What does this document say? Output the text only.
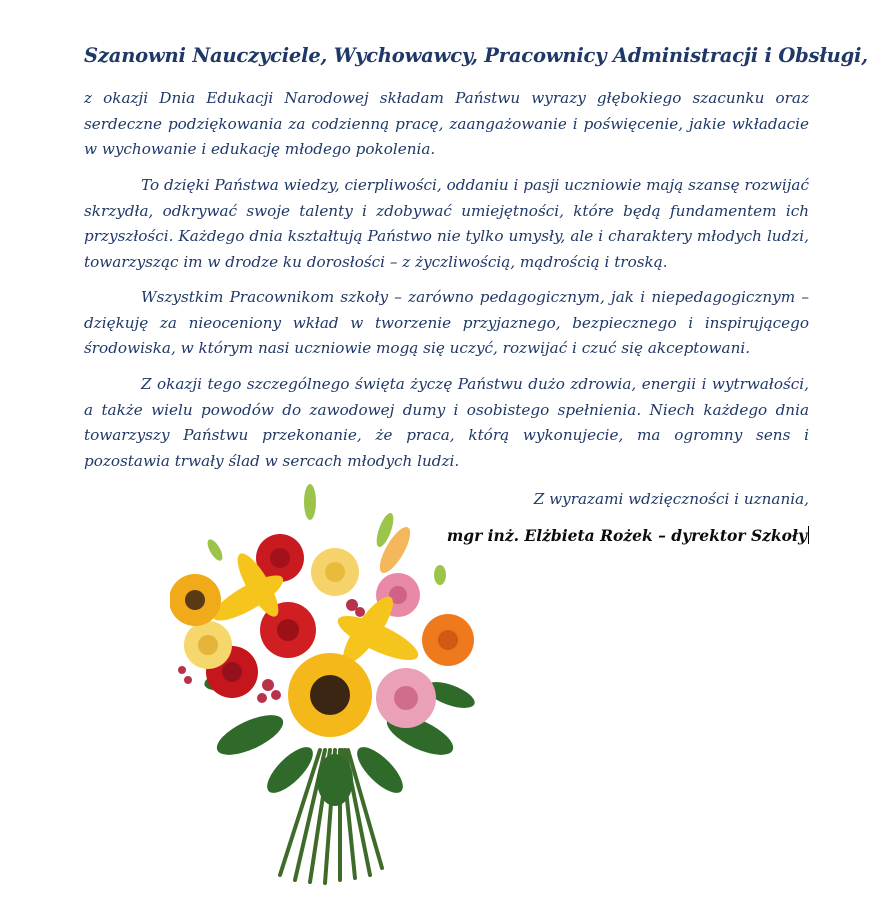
Szanowni Nauczyciele, Wychowawcy, Pracownicy Administracji i Obsługi,

z okazji Dnia Edukacji Narodowej składam Państwu wyrazy głębokiego szacunku oraz serdeczne podziękowania za codzienną pracę, zaangażowanie i poświęcenie, jakie wkładacie w wychowanie i edukację młodego pokolenia.

To dzięki Państwa wiedzy, cierpliwości, oddaniu i pasji uczniowie mają szansę rozwijać skrzydła, odkrywać swoje talenty i zdobywać umiejętności, które będą fundamentem ich przyszłości. Każdego dnia kształtują Państwo nie tylko umysły, ale i charaktery młodych ludzi, towarzysząc im w drodze ku dorosłości – z życzliwością, mądrością i troską.

Wszystkim Pracownikom szkoły – zarówno pedagogicznym, jak i niepedagogicznym – dziękuję za nieoceniony wkład w tworzenie przyjaznego, bezpiecznego i inspirującego środowiska, w którym nasi uczniowie mogą się uczyć, rozwijać i czuć się akceptowani.

Z okazji tego szczególnego święta życzę Państwu dużo zdrowia, energii i wytrwałości, a także wielu powodów do zawodowej dumy i osobistego spełnienia. Niech każdego dnia towarzyszy Państwu przekonanie, że praca, którą wykonujecie, ma ogromny sens i pozostawia trwały ślad w sercach młodych ludzi.

Z wyrazami wdzięczności i uznania,
mgr inż. Elżbieta Rożek – dyrektor Szkoły
